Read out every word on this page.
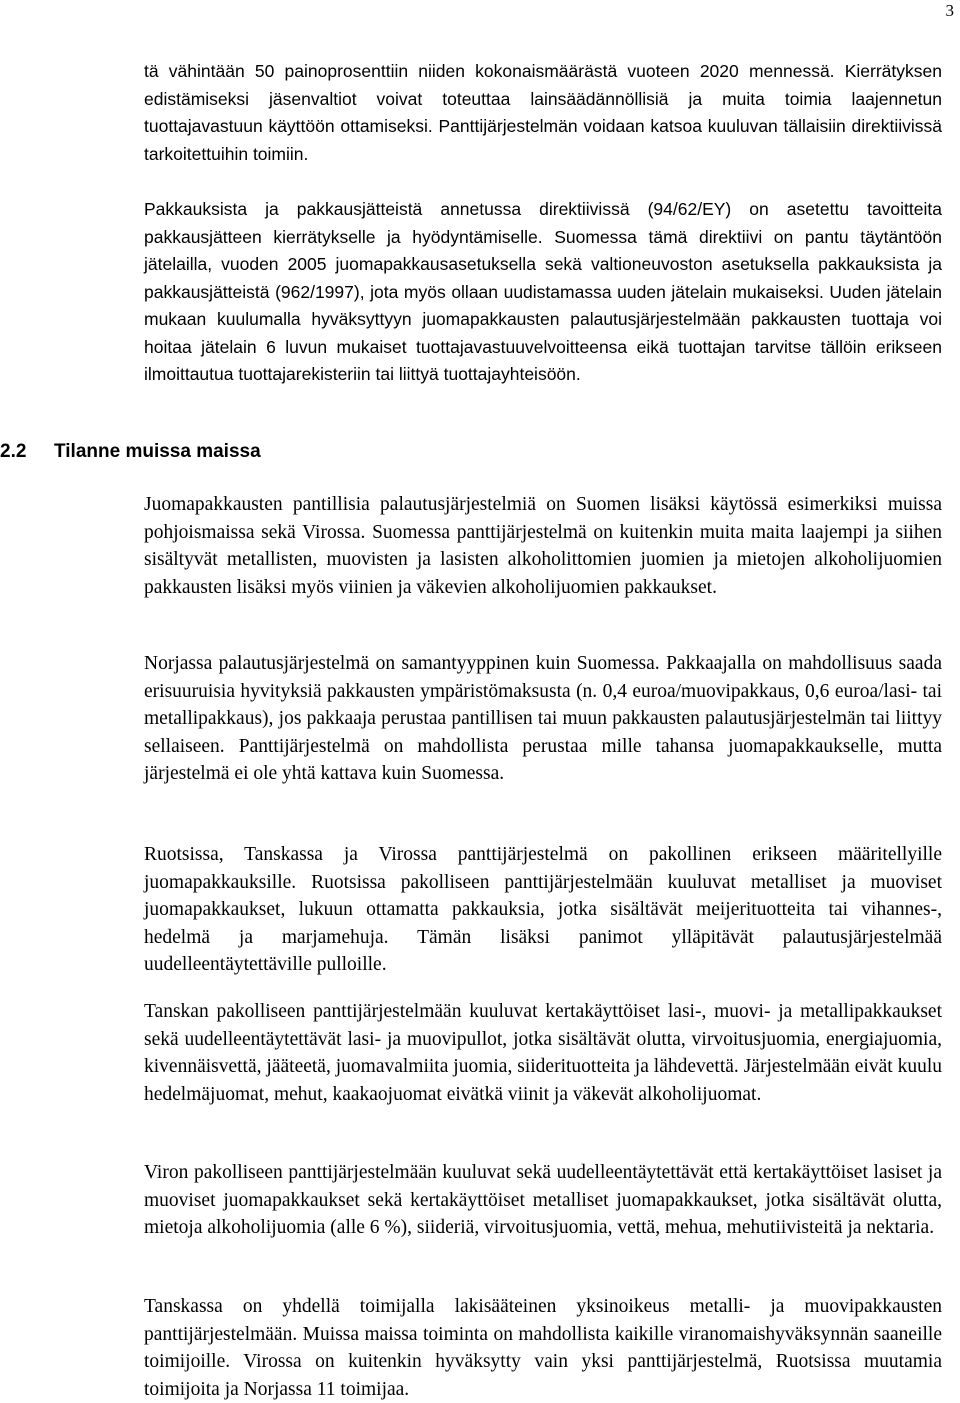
3

tä vähintään 50 painoprosenttiin niiden kokonaismäärästä vuoteen 2020 mennessä. Kierrätyksen edistämiseksi jäsenvaltiot voivat toteuttaa lainsäädännöllisiä ja muita toimia laajennetun tuottajavastuun käyttöön ottamiseksi. Panttijärjestelmän voidaan katsoa kuuluvan tällaisiin direktiivissä tarkoitettuihin toimiin.

Pakkauksista ja pakkausjätteistä annetussa direktiivissä (94/62/EY) on asetettu tavoitteita pakkausjätteen kierrätykselle ja hyödyntämiselle. Suomessa tämä direktiivi on pantu täytäntöön jätelailla, vuoden 2005 juomapakkausasetuksella sekä valtioneuvoston asetuksella pakkauksista ja pakkausjätteistä (962/1997), jota myös ollaan uudistamassa uuden jätelain mukaiseksi. Uuden jätelain mukaan kuulumalla hyväksyttyyn juomapakkausten palautusjärjestelmään pakkausten tuottaja voi hoitaa jätelain 6 luvun mukaiset tuottajavastuuvelvoitteensa eikä tuottajan tarvitse tällöin erikseen ilmoittautua tuottajarekisteriin tai liittyä tuottajayhteisöön.

2.2 Tilanne muissa maissa

Juomapakkausten pantillisia palautusjärjestelmiä on Suomen lisäksi käytössä esimerkiksi muissa pohjoismaissa sekä Virossa. Suomessa panttijärjestelmä on kuitenkin muita maita laajempi ja siihen sisältyvät metallisten, muovisten ja lasisten alkoholittomien juomien ja mietojen alkoholijuomien pakkausten lisäksi myös viinien ja väkevien alkoholijuomien pakkaukset.

Norjassa palautusjärjestelmä on samantyyppinen kuin Suomessa. Pakkaajalla on mahdollisuus saada erisuuruisia hyvityksiä pakkausten ympäristömaksusta (n. 0,4 euroa/muovipakkaus, 0,6 euroa/lasi- tai metallipakkaus), jos pakkaaja perustaa pantillisen tai muun pakkausten palautusjärjestelmän tai liittyy sellaiseen. Panttijärjestelmä on mahdollista perustaa mille tahansa juomapakkaukselle, mutta järjestelmä ei ole yhtä kattava kuin Suomessa.

Ruotsissa, Tanskassa ja Virossa panttijärjestelmä on pakollinen erikseen määritellyille juomapakkauksille. Ruotsissa pakolliseen panttijärjestelmään kuuluvat metalliset ja muoviset juomapakkaukset, lukuun ottamatta pakkauksia, jotka sisältävät meijerituotteita tai vihannes-, hedelmä ja marjamehuja. Tämän lisäksi panimot ylläpitävät palautusjärjestelmää uudelleentäytettäville pulloille.

Tanskan pakolliseen panttijärjestelmään kuuluvat kertakäyttöiset lasi-, muovi- ja metallipakkaukset sekä uudelleentäytettävät lasi- ja muovipullot, jotka sisältävät olutta, virvoitusjuomia, energiajuomia, kivennäisvettä, jääteetä, juomavalmiita juomia, siiderituotteita ja lähdevettä. Järjestelmään eivät kuulu hedelmäjuomat, mehut, kaakaojuomat eivätkä viinit ja väkevät alkoholijuomat.

Viron pakolliseen panttijärjestelmään kuuluvat sekä uudelleentäytettävät että kertakäyttöiset lasiset ja muoviset juomapakkaukset sekä kertakäyttöiset metalliset juomapakkaukset, jotka sisältävät olutta, mietoja alkoholijuomia (alle 6 %), siideriä, virvoitusjuomia, vettä, mehua, mehutiivisteitä ja nektaria.

Tanskassa on yhdellä toimijalla lakisääteinen yksinoikeus metalli- ja muovipakkausten panttijärjestelmään. Muissa maissa toiminta on mahdollista kaikille viranomaishyväksynnän saaneille toimijoille. Virossa on kuitenkin hyväksytty vain yksi panttijärjestelmä, Ruotsissa muutamia toimijoita ja Norjassa 11 toimijaa.
